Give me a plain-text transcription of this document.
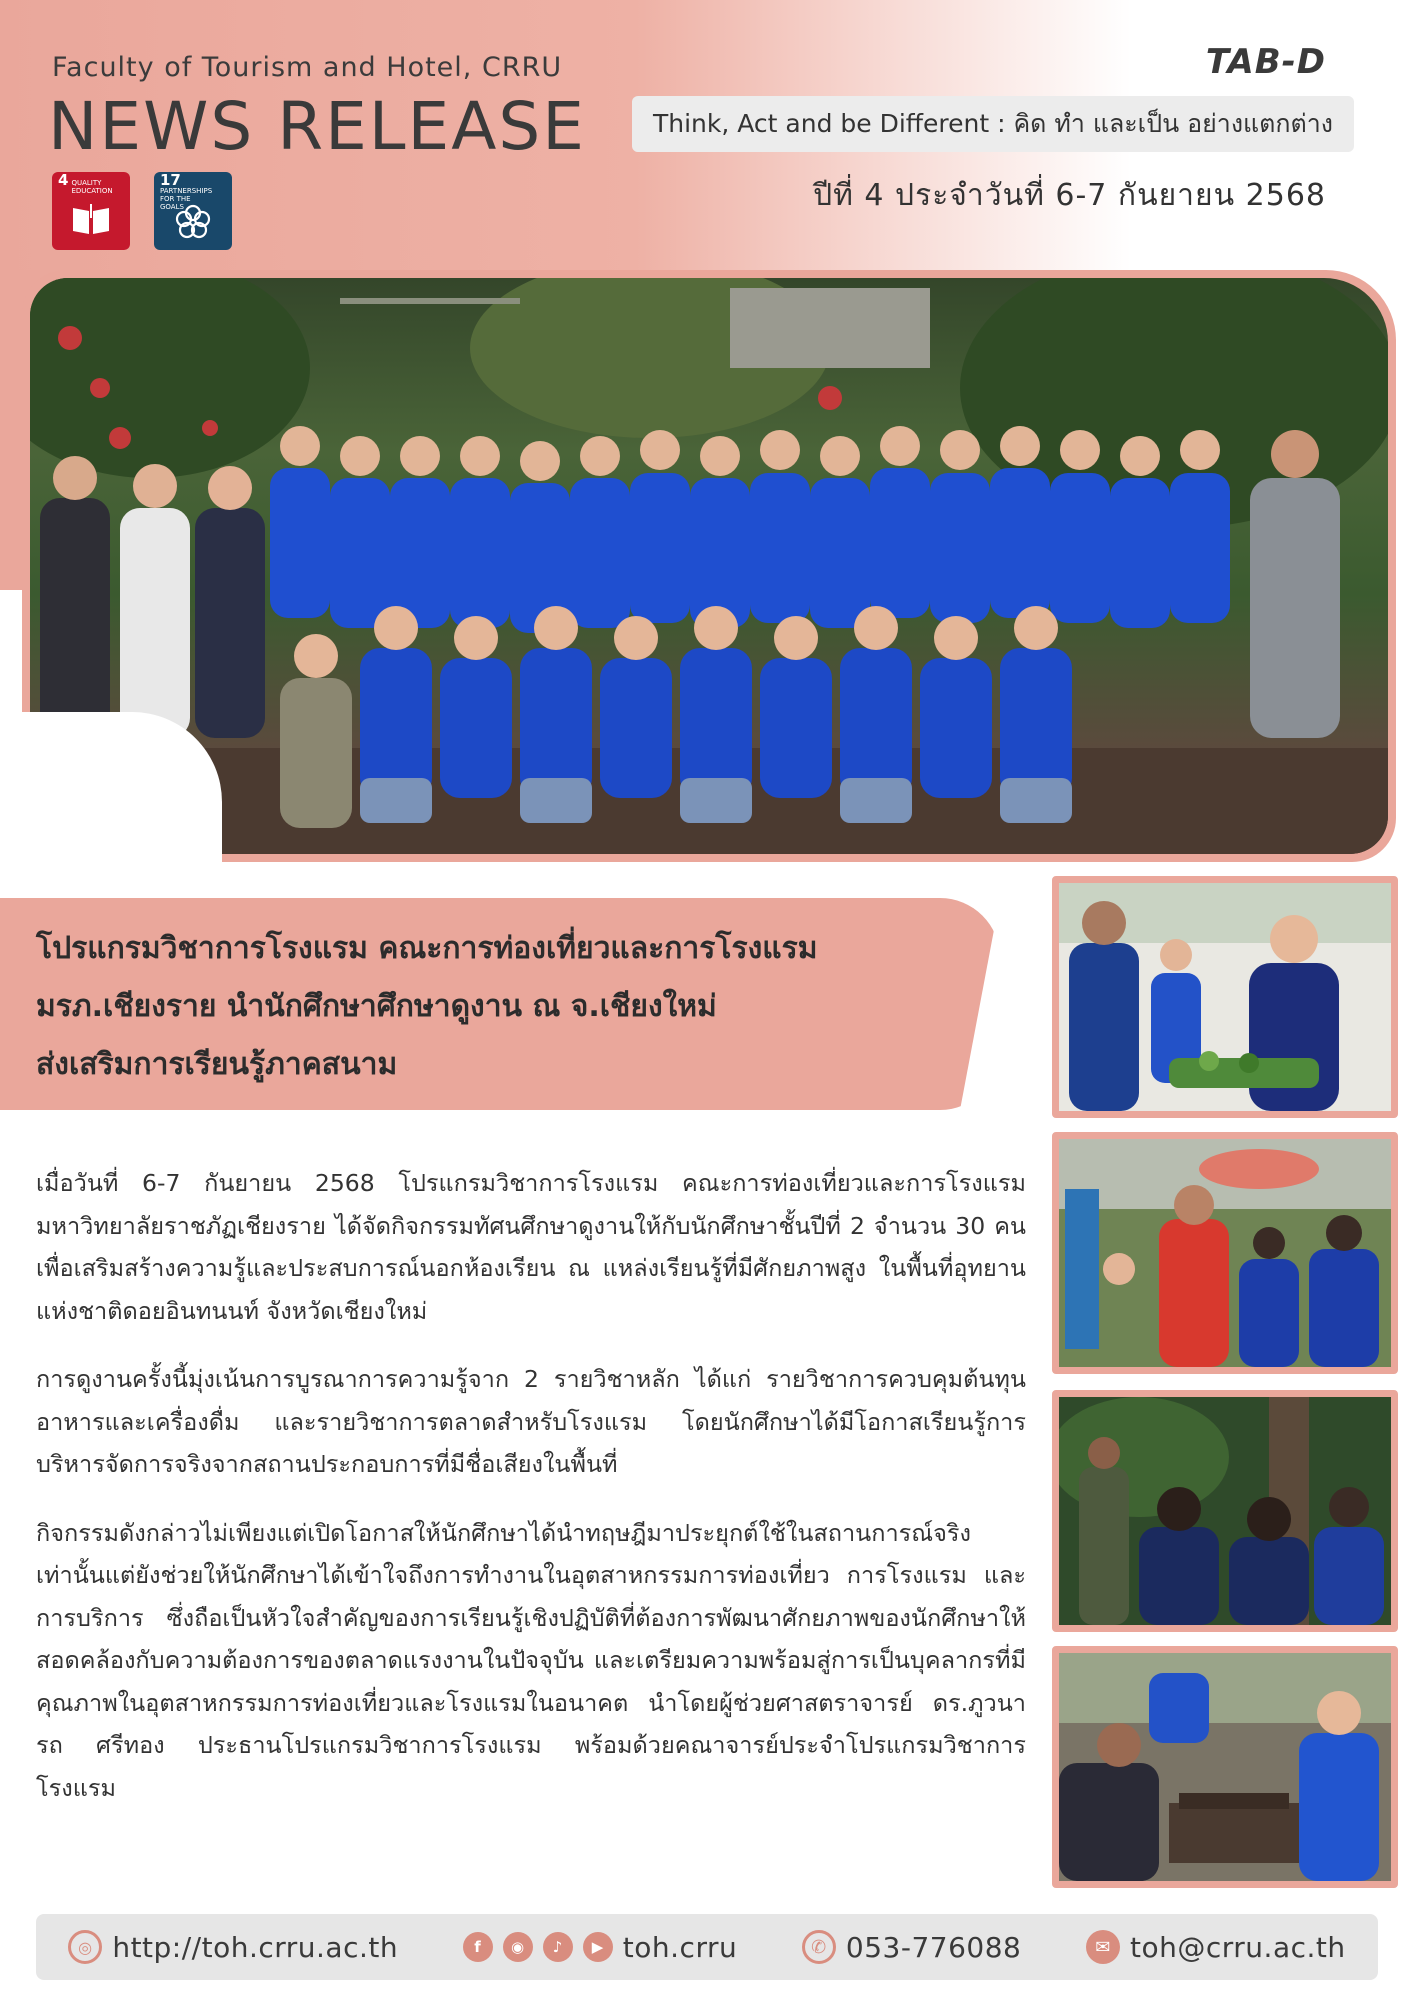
Faculty of Tourism and Hotel, CRRU
NEWS RELEASE
4 QUALITY EDUCATION
17PARTNERSHIPS FOR THE GOALS
TAB-D
Think, Act and be Different : คิด ทำ และเป็น อย่างแตกต่าง
ปีที่ 4 ประจำวันที่ 6-7 กันยายน 2568
โปรแกรมวิชาการโรงแรม คณะการท่องเที่ยวและการโรงแรม
มรภ.เชียงราย นำนักศึกษาศึกษาดูงาน ณ จ.เชียงใหม่
ส่งเสริมการเรียนรู้ภาคสนาม

เมื่อวันที่ 6-7 กันยายน 2568 โปรแกรมวิชาการโรงแรม คณะการท่องเที่ยวและการโรงแรม มหาวิทยาลัยราชภัฏเชียงราย ได้จัดกิจกรรมทัศนศึกษาดูงานให้กับนักศึกษาชั้นปีที่ 2 จำนวน 30 คน เพื่อเสริมสร้างความรู้และประสบการณ์นอกห้องเรียน ณ แหล่งเรียนรู้ที่มีศักยภาพสูง ในพื้นที่อุทยานแห่งชาติดอยอินทนนท์ จังหวัดเชียงใหม่

การดูงานครั้งนี้มุ่งเน้นการบูรณาการความรู้จาก 2 รายวิชาหลัก ได้แก่ รายวิชาการควบคุมต้นทุนอาหารและเครื่องดื่ม และรายวิชาการตลาดสำหรับโรงแรม โดยนักศึกษาได้มีโอกาสเรียนรู้การบริหารจัดการจริงจากสถานประกอบการที่มีชื่อเสียงในพื้นที่

กิจกรรมดังกล่าวไม่เพียงแต่เปิดโอกาสให้นักศึกษาได้นำทฤษฎีมาประยุกต์ใช้ในสถานการณ์จริงเท่านั้นแต่ยังช่วยให้นักศึกษาได้เข้าใจถึงการทำงานในอุตสาหกรรมการท่องเที่ยว การโรงแรม และการบริการ ซึ่งถือเป็นหัวใจสำคัญของการเรียนรู้เชิงปฏิบัติที่ต้องการพัฒนาศักยภาพของนักศึกษาให้สอดคล้องกับความต้องการของตลาดแรงงานในปัจจุบัน และเตรียมความพร้อมสู่การเป็นบุคลากรที่มีคุณภาพในอุตสาหกรรมการท่องเที่ยวและโรงแรมในอนาคต นำโดยผู้ช่วยศาสตราจารย์ ดร.ภูวนารถ ศรีทอง ประธานโปรแกรมวิชาการโรงแรม พร้อมด้วยคณาจารย์ประจำโปรแกรมวิชาการโรงแรม

◎ http://toh.crru.ac.th	f	◉	♪	▶ toh.crru	✆ 053-776088	✉ toh@crru.ac.th
